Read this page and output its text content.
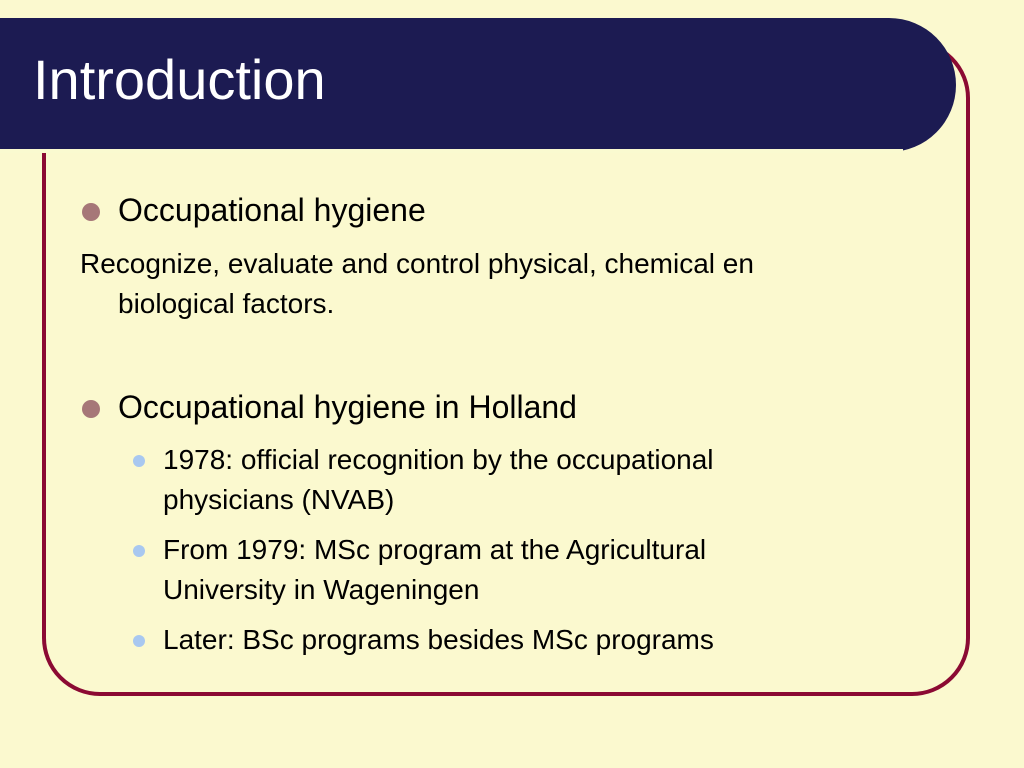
Introduction

Occupational hygiene

Recognize, evaluate and control physical, chemical en

biological factors.

Occupational hygiene in Holland

1978: official recognition by the occupational

physicians (NVAB)

From 1979: MSc program at the Agricultural

University in Wageningen

Later: BSc programs besides MSc programs
